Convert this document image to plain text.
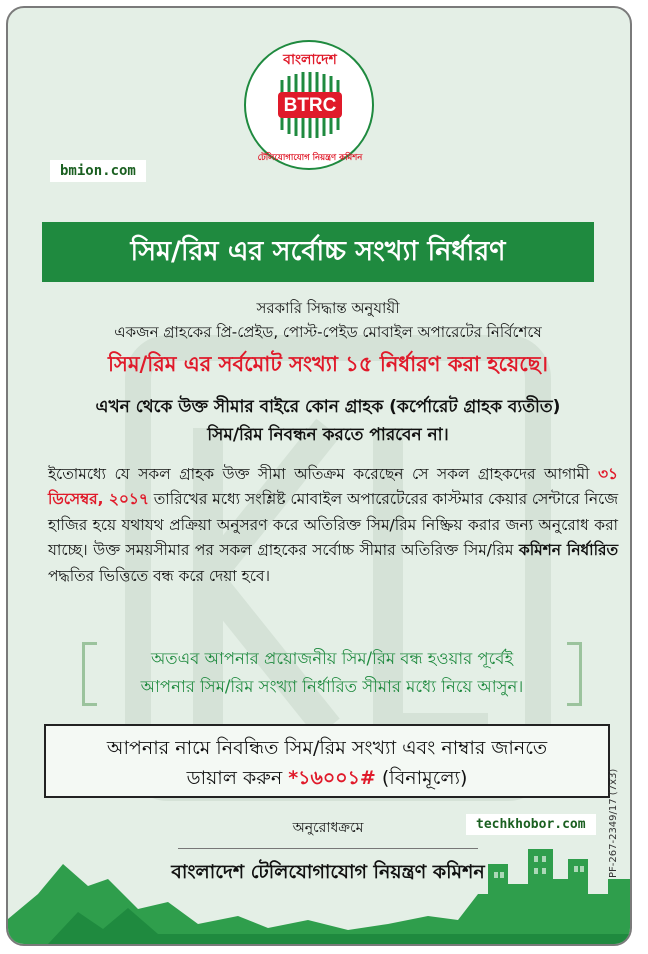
BTRC
বাংলাদেশ
টেলিযোগাযোগ নিয়ন্ত্রণ কমিশন
bmion.com
সিম/রিম এর সর্বোচ্চ সংখ্যা নির্ধারণ
সরকারি সিদ্ধান্ত অনুযায়ী
একজন গ্রাহকের প্রি-প্রেইড, পোস্ট-পেইড মোবাইল অপারেটের নির্বিশেষে
সিম/রিম এর সর্বমোট সংখ্যা ১৫ নির্ধারণ করা হয়েছে।
এখন থেকে উক্ত সীমার বাইরে কোন গ্রাহক (কর্পোরেট গ্রাহক ব্যতীত)
সিম/রিম নিবন্ধন করতে পারবেন না।
ইতোমধ্যে যে সকল গ্রাহক উক্ত সীমা অতিক্রম করেছেন সে সকল গ্রাহকদের আগামী ৩১ ডিসেম্বর, ২০১৭ তারিখের মধ্যে সংশ্লিষ্ট মোবাইল অপারেটেরের কাস্টমার কেয়ার সেন্টারে নিজে হাজির হয়ে যথাযথ প্রক্রিয়া অনুসরণ করে অতিরিক্ত সিম/রিম নিষ্ক্রিয় করার জন্য অনুরোধ করা যাচ্ছে। উক্ত সময়সীমার পর সকল গ্রাহকের সর্বোচ্চ সীমার অতিরিক্ত সিম/রিম কমিশন নির্ধারিত পদ্ধতির ভিত্তিতে বন্ধ করে দেয়া হবে।
অতএব আপনার প্রয়োজনীয় সিম/রিম বন্ধ হওয়ার পূর্বেই
আপনার সিম/রিম সংখ্যা নির্ধারিত সীমার মধ্যে নিয়ে আসুন।
আপনার নামে নিবন্ধিত সিম/রিম সংখ্যা এবং নাম্বার জানতে
ডায়াল করুন *১৬০০১# (বিনামূল্যে)
techkhobor.com
অনুরোধক্রমে
বাংলাদেশ টেলিযোগাযোগ নিয়ন্ত্রণ কমিশন	PF-267-2349/17 (7x3)
